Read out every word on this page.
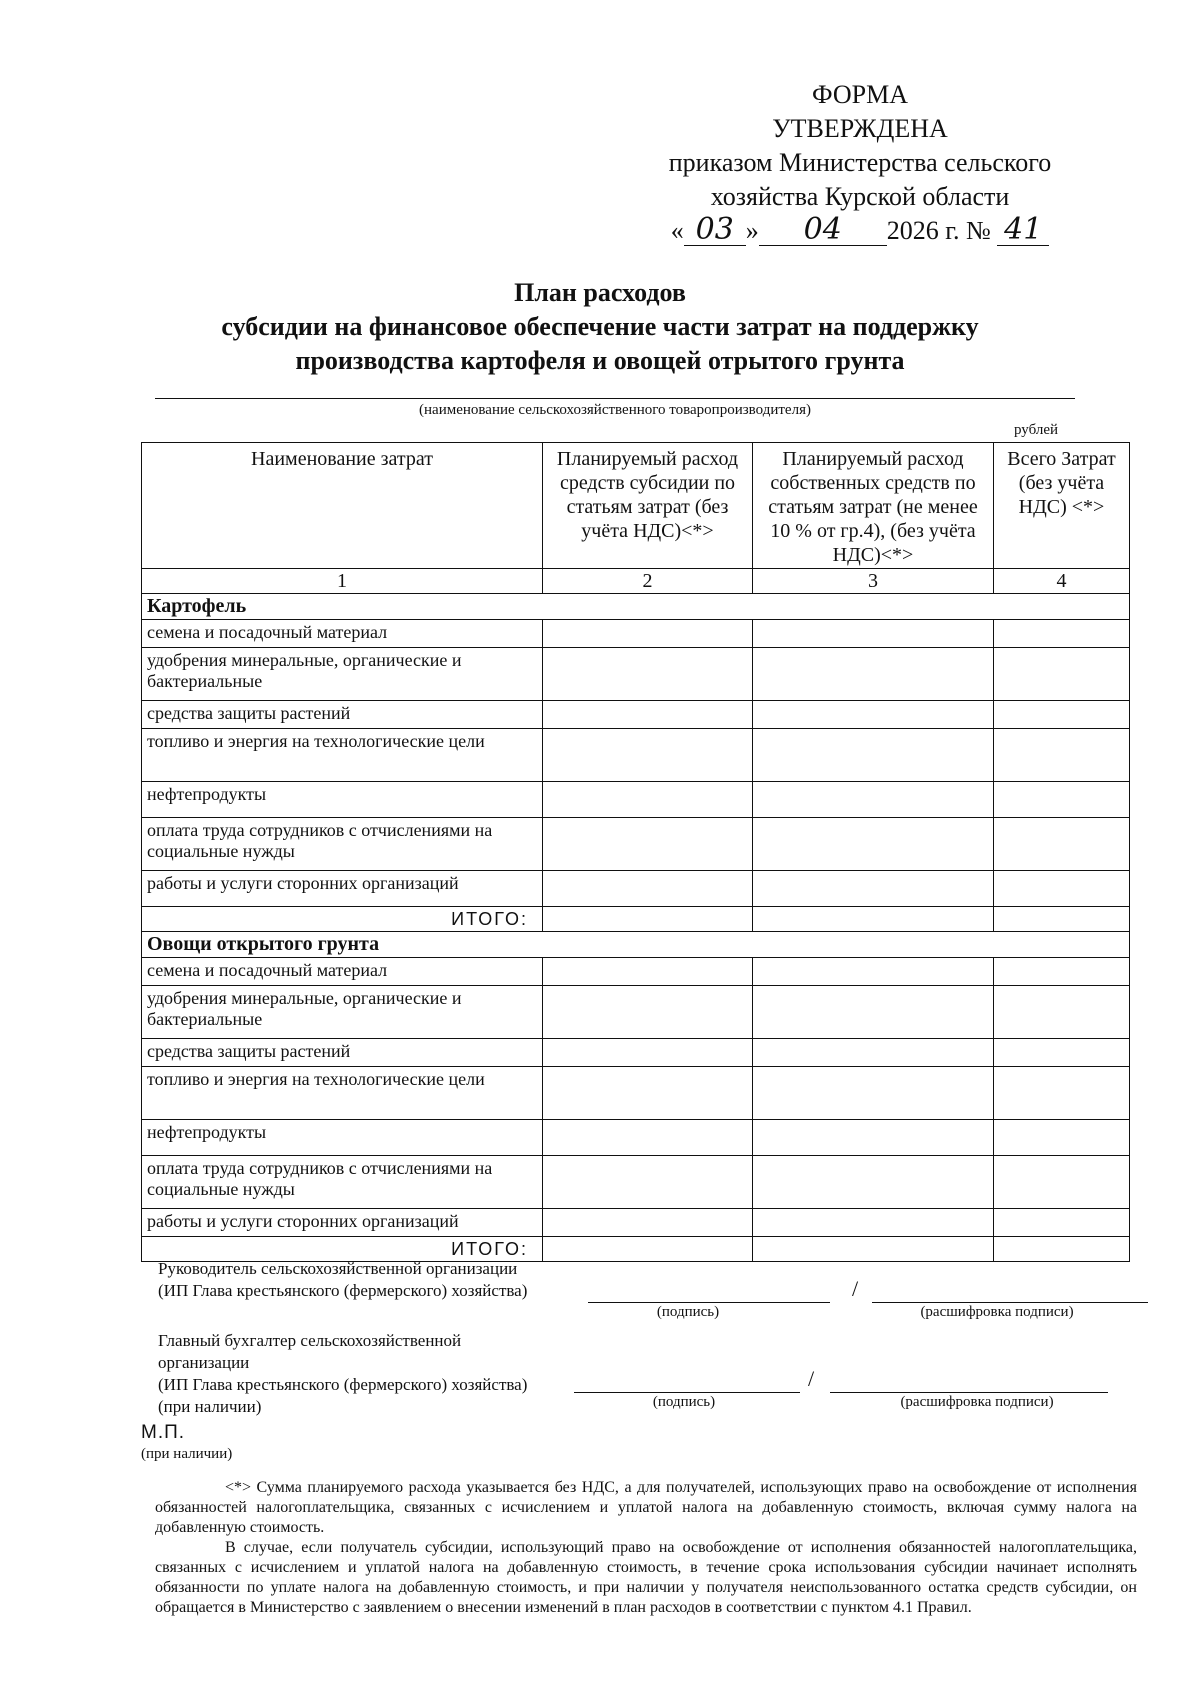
ФОРМА
УТВЕРЖДЕНА
приказом Министерства сельского
хозяйства Курской области
« 03 » 04 2026 г. № 41
План расходов
субсидии на финансовое обеспечение части затрат на поддержку
производства картофеля и овощей отрытого грунта
(наименование сельскохозяйственного товаропроизводителя)
рублей
Наименование затрат	Планируемый расход средств субсидии по статьям затрат (без учёта НДС)<*>	Планируемый расход собственных средств по статьям затрат (не менее 10 % от гр.4), (без учёта НДС)<*>	Всего Затрат (без учёта НДС) <*>
1	2	3	4
Картофель			
семена и посадочный материал			
удобрения минеральные, органические и бактериальные			
средства защиты растений			
топливо и энергия на технологические цели			
нефтепродукты			
оплата труда сотрудников с отчислениями на социальные нужды			
работы и услуги сторонних организаций			
ИТОГО:			
Овощи открытого грунта			
семена и посадочный материал			
удобрения минеральные, органические и бактериальные			
средства защиты растений			
топливо и энергия на технологические цели			
нефтепродукты			
оплата труда сотрудников с отчислениями на социальные нужды			
работы и услуги сторонних организаций			
ИТОГО:			
Руководитель сельскохозяйственной организации
(ИП Глава крестьянского (фермерского) хозяйства)	/
(подпись)	(расшифровка подписи)
Главный бухгалтер сельскохозяйственной
организации
(ИП Глава крестьянского (фермерского) хозяйства)
(при наличии)
/
(подпись)	(расшифровка подписи)
М.П.
(при наличии)

<*> Сумма планируемого расхода указывается без НДС, а для получателей, использующих право на освобождение от исполнения обязанностей налогоплательщика, связанных с исчислением и уплатой налога на добавленную стоимость, включая сумму налога на добавленную стоимость.

В случае, если получатель субсидии, использующий право на освобождение от исполнения обязанностей налогоплательщика, связанных с исчислением и уплатой налога на добавленную стоимость, в течение срока использования субсидии начинает исполнять обязанности по уплате налога на добавленную стоимость, и при наличии у получателя неиспользованного остатка средств субсидии, он обращается в Министерство с заявлением о внесении изменений в план расходов в соответствии с пунктом 4.1 Правил.
